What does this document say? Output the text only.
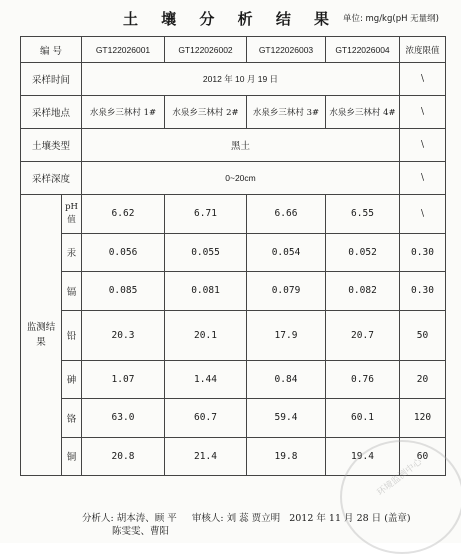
土 壤 分 析 结 果 单位: mg/kg(pH 无量纲)
编 号		GT122026001	GT122026002	GT122026003	GT122026004	浓度限值
采样时间		2012 年 10 月 19 日				\
采样地点		水泉乡三林村 1#	水泉乡三林村 2#	水泉乡三林村 3#	水泉乡三林村 4#	\
土壤类型		黑土				\
采样深度		0~20cm				\
监测结果	pH值	6.62	6.71	6.66	6.55	\
	汞	0.056	0.055	0.054	0.052	0.30
	镉	0.085	0.081	0.079	0.082	0.30
	铅	20.3	20.1	17.9	20.7	50
	砷	1.07	1.44	0.84	0.76	20
	铬	63.0	60.7	59.4	60.1	120
	铜	20.8	21.4	19.8	19.4	60
环境监测中心
分析人: 胡本涛、顾 平 审核人: 刘 蕊 贾立明 2012 年 11 月 28 日 (盖章)
陈雯雯、曹阳
